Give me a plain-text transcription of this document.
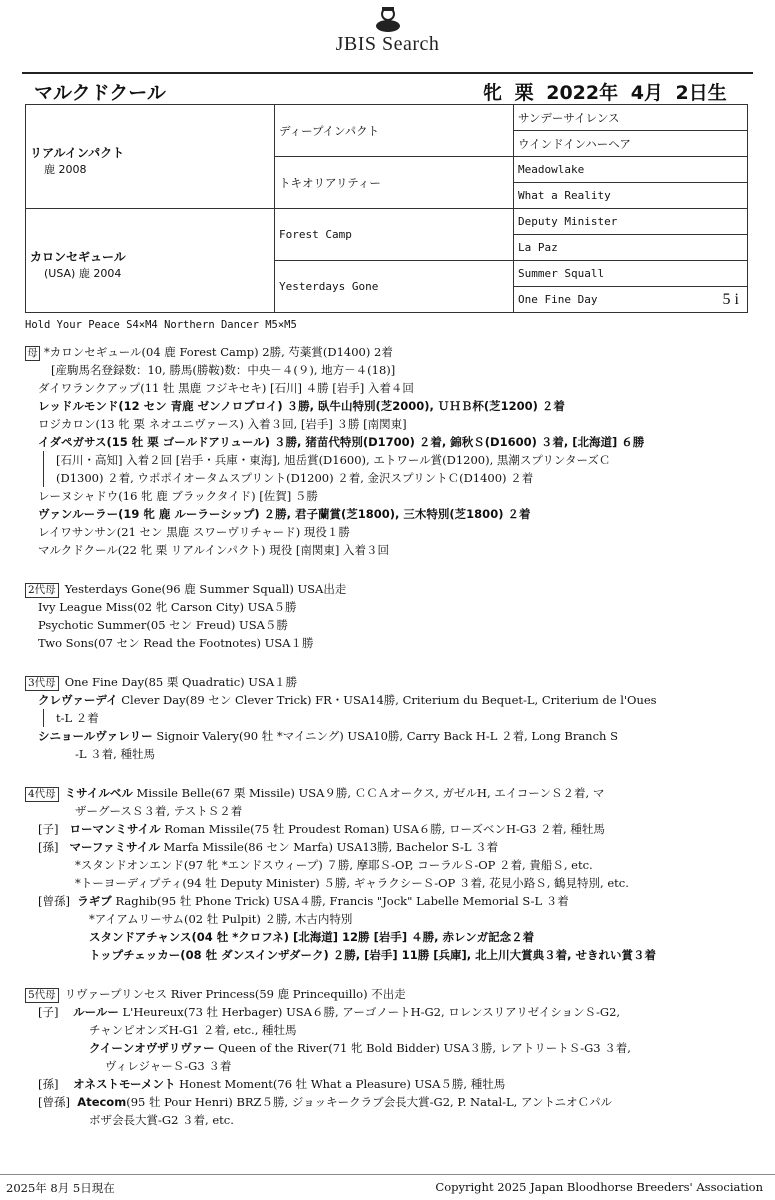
JBIS Search
マルクドクール	牝 栗 2022年 4月 2日生
リアルインパクト
鹿 2008	ディープインパクト	サンデーサイレンス
		ウインドインハーヘア
	トキオリアリティー	Meadowlake
		What a Reality

カロンセギュール
(USA) 鹿 2004	Forest Camp	Deputy Minister
		La Paz
	Yesterdays Gone	Summer Squall

		One Fine Day 5 i
Hold Your Peace S4×M4 Northern Dancer M5×M5
母 *カロンセギュール(04 鹿 Forest Camp) 2勝, 芍薬賞(D1400) 2着
[産駒馬名登録数：10, 勝馬(勝鞍)数：中央－４(９), 地方－４(18)]
ダイワランクアップ(11 牡 黒鹿 フジキセキ) [石川] ４勝 [岩手] 入着４回
レッドルモンド(12 セン 青鹿 ゼンノロブロイ) ３勝, 臥牛山特別(芝2000), ＵＨＢ杯(芝1200) ２着
ロジカロン(13 牝 栗 ネオユニヴァース) 入着３回, [岩手] ３勝 [南関東]
イダペガサス(15 牡 栗 ゴールドアリュール) ３勝, 猪苗代特別(D1700) ２着, 錦秋Ｓ(D1600) ３着, [北海道] ６勝
[石川・高知] 入着２回 [岩手・兵庫・東海], 旭岳賞(D1600), エトワール賞(D1200), 黒潮スプリンターズＣ
(D1300) ２着, ウポポイオータムスプリント(D1200) ２着, 金沢スプリントＣ(D1400) ２着
レーヌシャドウ(16 牝 鹿 ブラックタイド) [佐賀] ５勝
ヴァンルーラー(19 牝 鹿 ルーラーシップ) ２勝, 君子蘭賞(芝1800), 三木特別(芝1800) ２着
レイワサンサン(21 セン 黒鹿 スワーヴリチャード) 現役１勝
マルクドクール(22 牝 栗 リアルインパクト) 現役 [南関東] 入着３回
2代母 Yesterdays Gone(96 鹿 Summer Squall) USA出走
Ivy League Miss(02 牝 Carson City) USA５勝
Psychotic Summer(05 セン Freud) USA５勝
Two Sons(07 セン Read the Footnotes) USA１勝
3代母 One Fine Day(85 栗 Quadratic) USA１勝
クレヴァーデイ Clever Day(89 セン Clever Trick) FR・USA14勝, Criterium du Bequet-L, Criterium de l'Oues
t-L ２着
シニョールヴァレリー Signoir Valery(90 牡 *マイニング) USA10勝, Carry Back H-L ２着, Long Branch S
-L ３着, 種牡馬
4代母 ミサイルベル Missile Belle(67 栗 Missile) USA９勝, ＣＣＡオークス, ガゼルH, エイコーンＳ２着, マ
ザーグースＳ３着, テストＳ２着
[子] ローマンミサイル Roman Missile(75 牡 Proudest Roman) USA６勝, ローズベンH-G3 ２着, 種牡馬
[孫] マーファミサイル Marfa Missile(86 セン Marfa) USA13勝, Bachelor S-L ３着
*スタンドオンエンド(97 牝 *エンドスウィープ) ７勝, 摩耶Ｓ-OP, コーラルＳ-OP ２着, 貴船Ｓ, etc.
*トーヨーディプティ(94 牡 Deputy Minister) ５勝, ギャラクシーＳ-OP ３着, 花見小路Ｓ, 鶴見特別, etc.
[曾孫] ラギブ Raghib(95 牡 Phone Trick) USA４勝, Francis "Jock" Labelle Memorial S-L ３着
*アイアムリーサム(02 牡 Pulpit) ２勝, 木古内特別
スタンドアチャンス(04 牡 *クロフネ) [北海道] 12勝 [岩手] ４勝, 赤レンガ記念２着
トップチェッカー(08 牡 ダンスインザダーク) ２勝, [岩手] 11勝 [兵庫], 北上川大賞典３着, せきれい賞３着
5代母 リヴァープリンセス River Princess(59 鹿 Princequillo) 不出走
[子] ルールー L'Heureux(73 牡 Herbager) USA６勝, アーゴノートH-G2, ロレンスリアリゼイションＳ-G2,
チャンピオンズH-G1 ２着, etc., 種牡馬
クイーンオヴザリヴァー Queen of the River(71 牝 Bold Bidder) USA３勝, レアトリートＳ-G3 ３着,
ヴィレジャーＳ-G3 ３着
[孫] オネストモーメント Honest Moment(76 牡 What a Pleasure) USA５勝, 種牡馬
[曾孫] Atecom(95 牡 Pour Henri) BRZ５勝, ジョッキークラブ会長大賞-G2, P. Natal-L, アントニオＣパル
ボザ会長大賞-G2 ３着, etc.
2025年 8月 5日現在	Copyright 2025 Japan Bloodhorse Breeders' Association
